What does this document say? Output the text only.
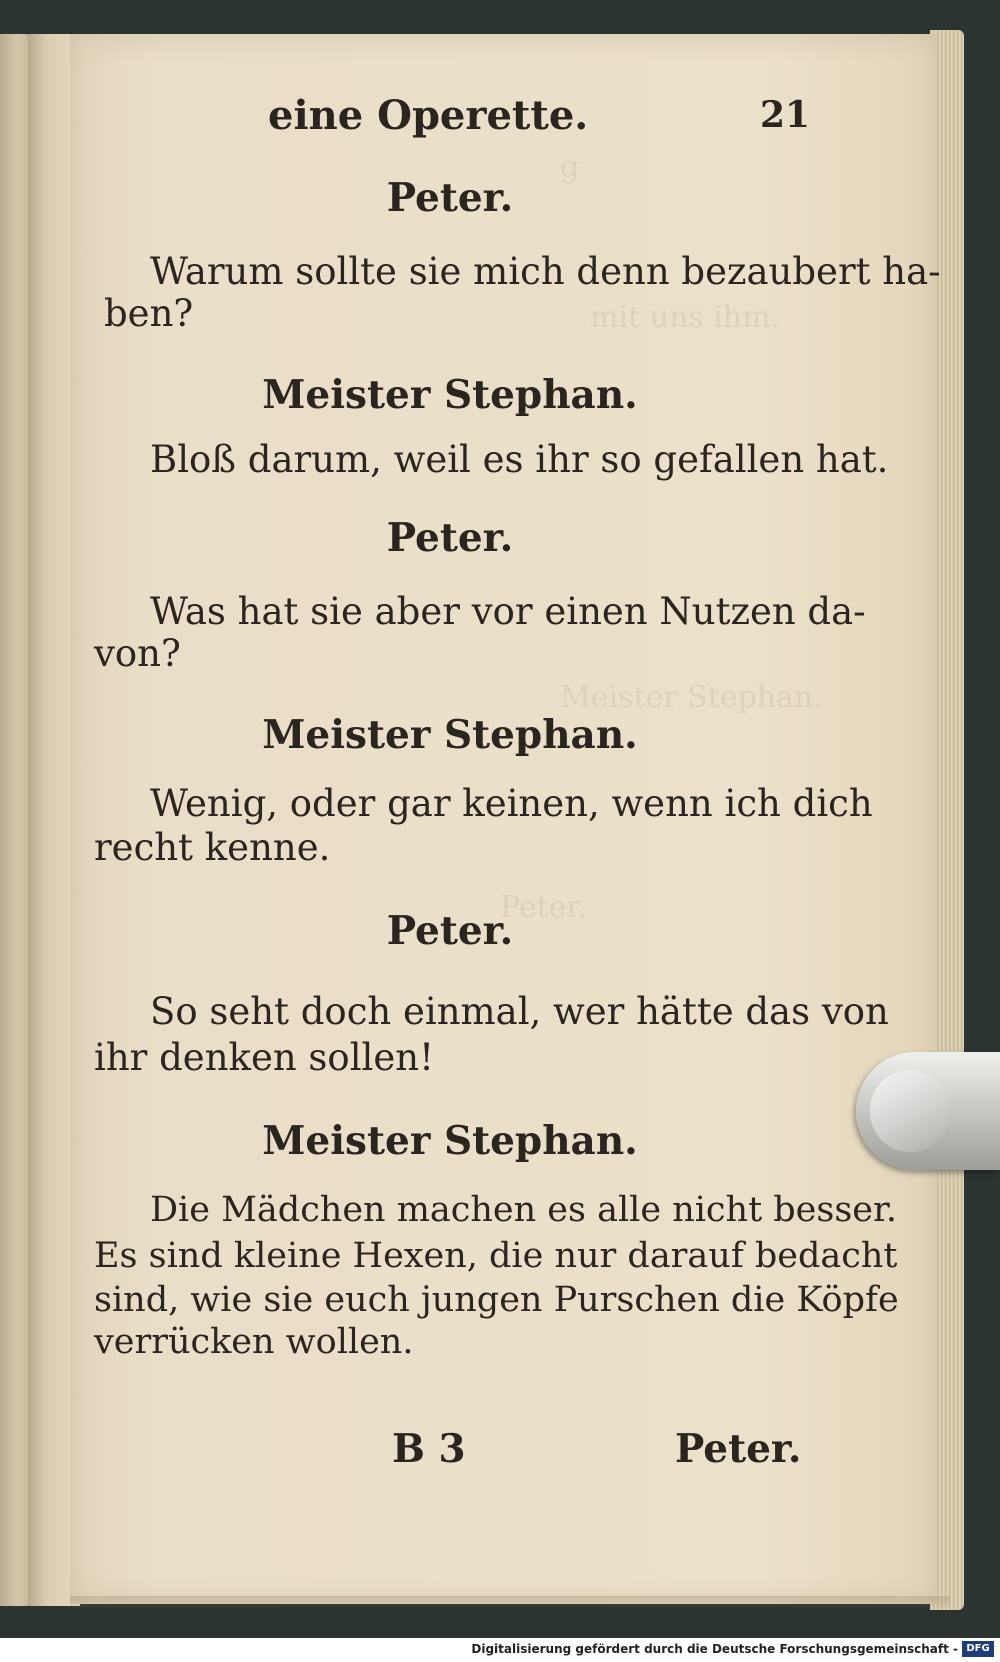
g
mit uns ihm.
Meister Stephan.
Peter.
eine Operette.	21
Peter.
Warum sollte sie mich denn bezaubert ha-
ben?
Meister Stephan.
Bloß darum, weil es ihr so gefallen hat.
Peter.
Was hat sie aber vor einen Nutzen da-
von?
Meister Stephan.
Wenig, oder gar keinen, wenn ich dich
recht kenne.
Peter.
So seht doch einmal, wer hätte das von
ihr denken sollen!
Meister Stephan.
Die Mädchen machen es alle nicht besser.
Es sind kleine Hexen, die nur darauf bedacht
sind, wie sie euch jungen Purschen die Köpfe
verrücken wollen.
B 3	Peter.
Digitalisierung gefördert durch die Deutsche Forschungsgemeinschaft - DFG
